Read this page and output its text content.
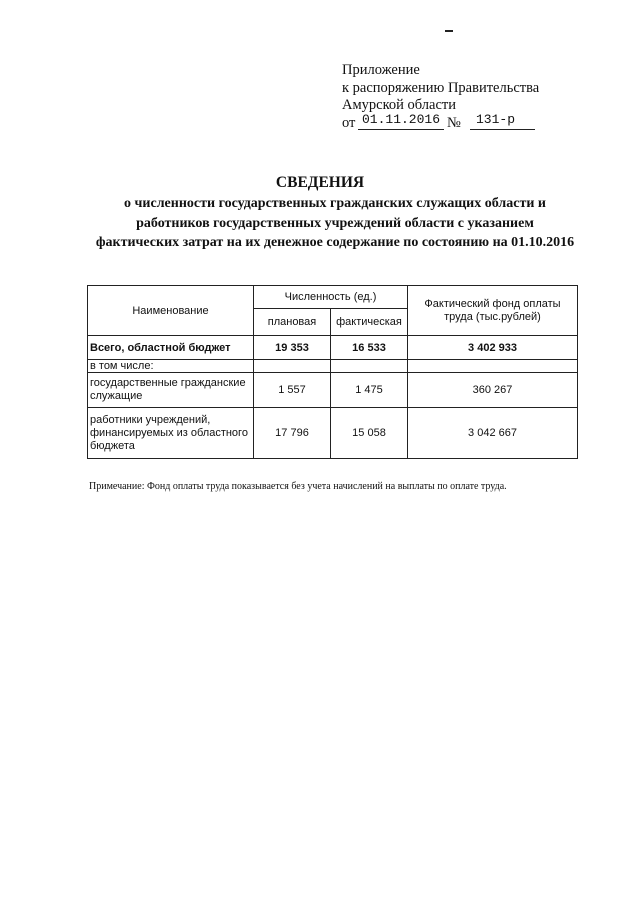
Приложение
к распоряжению Правительства
Амурской области
от 01.11.2016 №	131-р
СВЕДЕНИЯ
о численности государственных гражданских служащих области и работников государственных учреждений области с указанием фактических затрат на их денежное содержание по состоянию на 01.10.2016
Наименование	Численность (ед.)		Фактический фонд оплаты труда (тыс.рублей)
	плановая	фактическая	
Всего, областной бюджет	19 353	16 533	3 402 933
в том числе:			
государственные гражданские служащие	1 557	1 475	360 267
работники учреждений, финансируемых из областного бюджета	17 796	15 058	3 042 667
Примечание: Фонд оплаты труда показывается без учета начислений на выплаты по оплате труда.
